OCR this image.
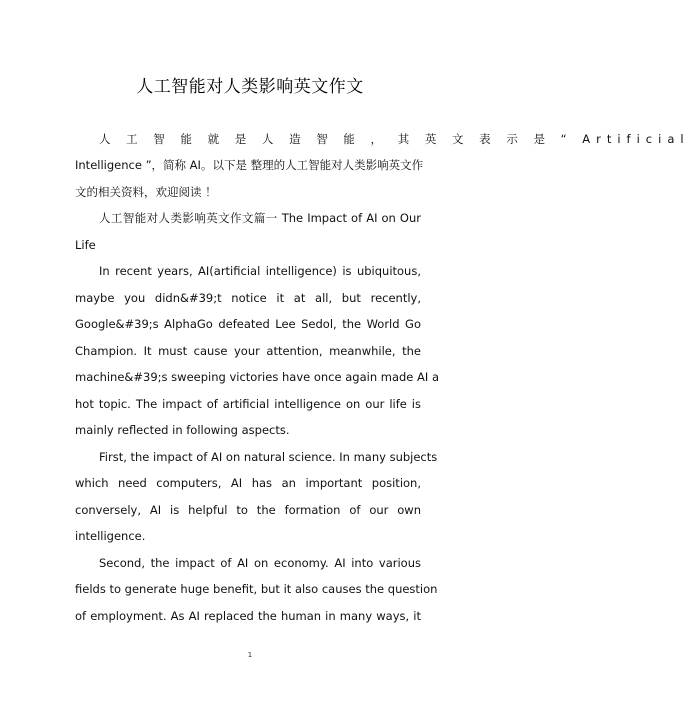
人工智能对人类影响英文作文
人 工 智 能 就 是 人 造 智 能 ， 其 英 文 表 示 是 “ Artificial
Intelligence ”，简称 AI。以下是 整理的人工智能对人类影响英文作
文的相关资料，欢迎阅读 ！
人工智能对人类影响英文作文篇一 The Impact of AI on Our
Life
In recent years, AI(artificial intelligence) is ubiquitous,
maybe you didn&#39;t notice it at all, but recently,
Google&#39;s AlphaGo defeated Lee Sedol, the World Go
Champion. It must cause your attention, meanwhile, the
machine&#39;s sweeping victories have once again made AI a
hot topic. The impact of artificial intelligence on our life is
mainly reflected in following aspects.
First, the impact of AI on natural science. In many subjects
which need computers, AI has an important position,
conversely, AI is helpful to the formation of our own
intelligence.
Second, the impact of AI on economy. AI into various
fields to generate huge benefit, but it also causes the question
of employment. As AI replaced the human in many ways, it
1
